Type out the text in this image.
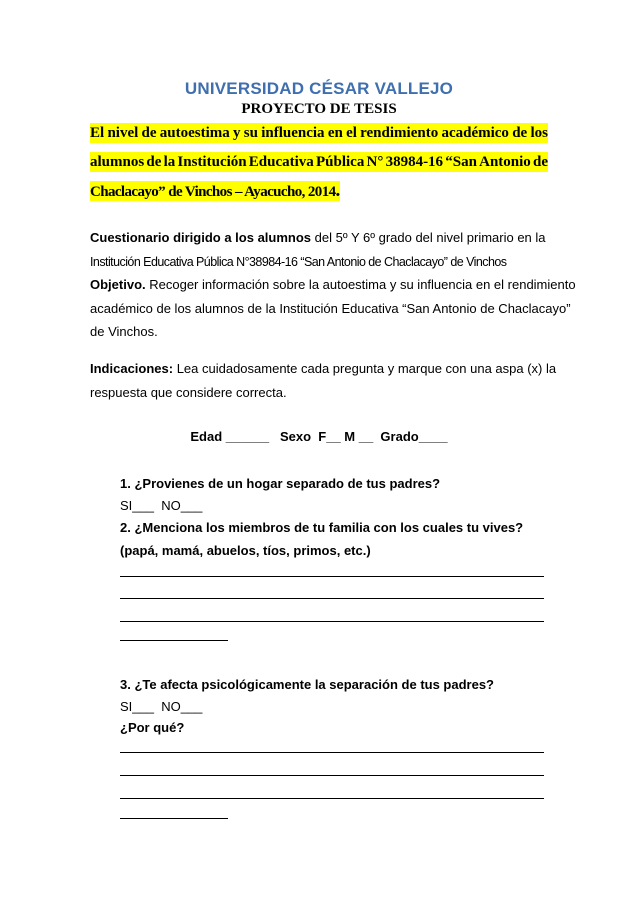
UNIVERSIDAD CÉSAR VALLEJO
PROYECTO DE TESIS
El nivel de autoestima y su influencia en el rendimiento académico de los
alumnos de la Institución Educativa Pública N° 38984-16 “San Antonio de
Chaclacayo” de Vinchos – Ayacucho, 2014.
Cuestionario dirigido a los alumnos del 5º Y 6º grado del nivel primario en la
Institución Educativa Pública N°38984-16 “San Antonio de Chaclacayo” de Vinchos
Objetivo. Recoger información sobre la autoestima y su influencia en el rendimiento
académico de los alumnos de la Institución Educativa “San Antonio de Chaclacayo”
de Vinchos.
Indicaciones: Lea cuidadosamente cada pregunta y marque con una aspa (x) la
respuesta que considere correcta.
Edad ______   Sexo  F__ M __  Grado____
1. ¿Provienes de un hogar separado de tus padres?
SI___  NO___
2. ¿Menciona los miembros de tu familia con los cuales tu vives?
(papá, mamá, abuelos, tíos, primos, etc.)
3. ¿Te afecta psicológicamente la separación de tus padres?
SI___  NO___
¿Por qué?
